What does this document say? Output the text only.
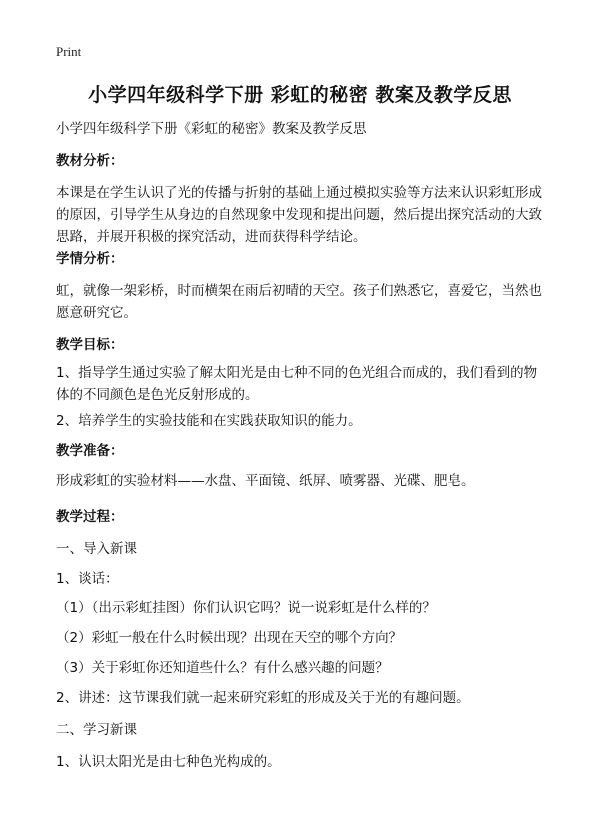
Print
小学四年级科学下册 彩虹的秘密 教案及教学反思
小学四年级科学下册《彩虹的秘密》教案及教学反思
教材分析：
本课是在学生认识了光的传播与折射的基础上通过模拟实验等方法来认识彩虹形成
的原因，引导学生从身边的自然现象中发现和提出问题，然后提出探究活动的大致
思路，并展开积极的探究活动，进而获得科学结论。
学情分析：
虹，就像一架彩桥，时而横架在雨后初晴的天空。孩子们熟悉它，喜爱它，当然也
愿意研究它。
教学目标：
1、指导学生通过实验了解太阳光是由七种不同的色光组合而成的，我们看到的物
体的不同颜色是色光反射形成的。
2、培养学生的实验技能和在实践获取知识的能力。
教学准备：
形成彩虹的实验材料——水盘、平面镜、纸屏、喷雾器、光碟、肥皂。
教学过程：
一、导入新课
1、谈话：
（1）（出示彩虹挂图）你们认识它吗？说一说彩虹是什么样的？
（2）彩虹一般在什么时候出现？出现在天空的哪个方向？
（3）关于彩虹你还知道些什么？有什么感兴趣的问题？
2、讲述：这节课我们就一起来研究彩虹的形成及关于光的有趣问题。
二、学习新课
1、认识太阳光是由七种色光构成的。
